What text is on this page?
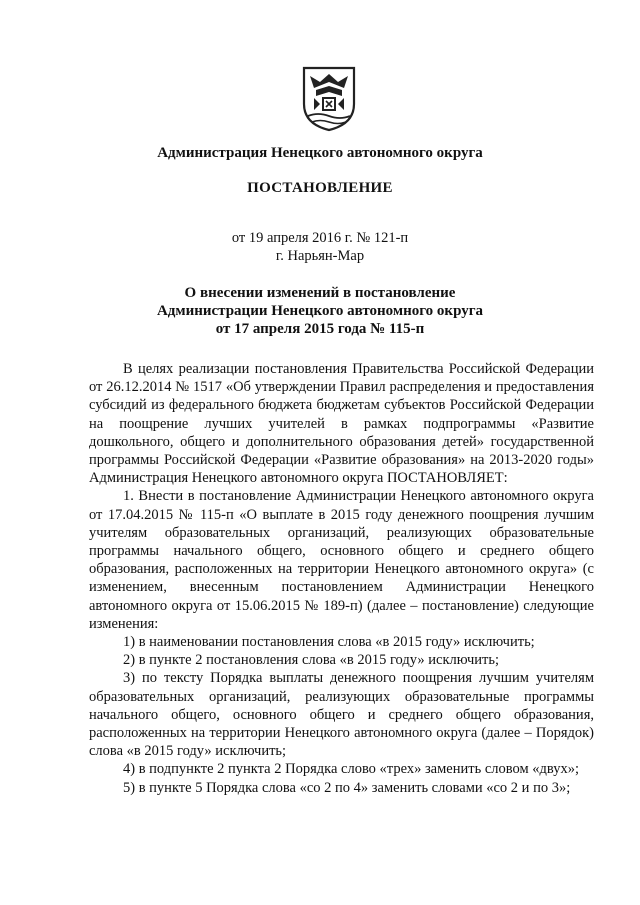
Администрация Ненецкого автономного округа
ПОСТАНОВЛЕНИЕ
от 19 апреля 2016 г. № 121-п
г. Нарьян-Мар
О внесении изменений в постановление
Администрации Ненецкого автономного округа
от 17 апреля 2015 года № 115-п

В целях реализации постановления Правительства Российской Федерации от 26.12.2014 № 1517 «Об утверждении Правил распределения и предоставления субсидий из федерального бюджета бюджетам субъектов Российской Федерации на поощрение лучших учителей в рамках подпрограммы «Развитие дошкольного, общего и дополнительного образования детей» государственной программы Российской Федерации «Развитие образования» на 2013-2020 годы» Администрация Ненецкого автономного округа ПОСТАНОВЛЯЕТ:

1. Внести в постановление Администрации Ненецкого автономного округа от 17.04.2015 № 115-п «О выплате в 2015 году денежного поощрения лучшим учителям образовательных организаций, реализующих образовательные программы начального общего, основного общего и среднего общего образования, расположенных на территории Ненецкого автономного округа» (с изменением, внесенным постановлением Администрации Ненецкого автономного округа от 15.06.2015 № 189-п) (далее – постановление) следующие изменения:

1) в наименовании постановления слова «в 2015 году» исключить;

2) в пункте 2 постановления слова «в 2015 году» исключить;

3) по тексту Порядка выплаты денежного поощрения лучшим учителям образовательных организаций, реализующих образовательные программы начального общего, основного общего и среднего общего образования, расположенных на территории Ненецкого автономного округа (далее – Порядок) слова «в 2015 году» исключить;

4) в подпункте 2 пункта 2 Порядка слово «трех» заменить словом «двух»;

5) в пункте 5 Порядка слова «со 2 по 4» заменить словами «со 2 и по 3»;
